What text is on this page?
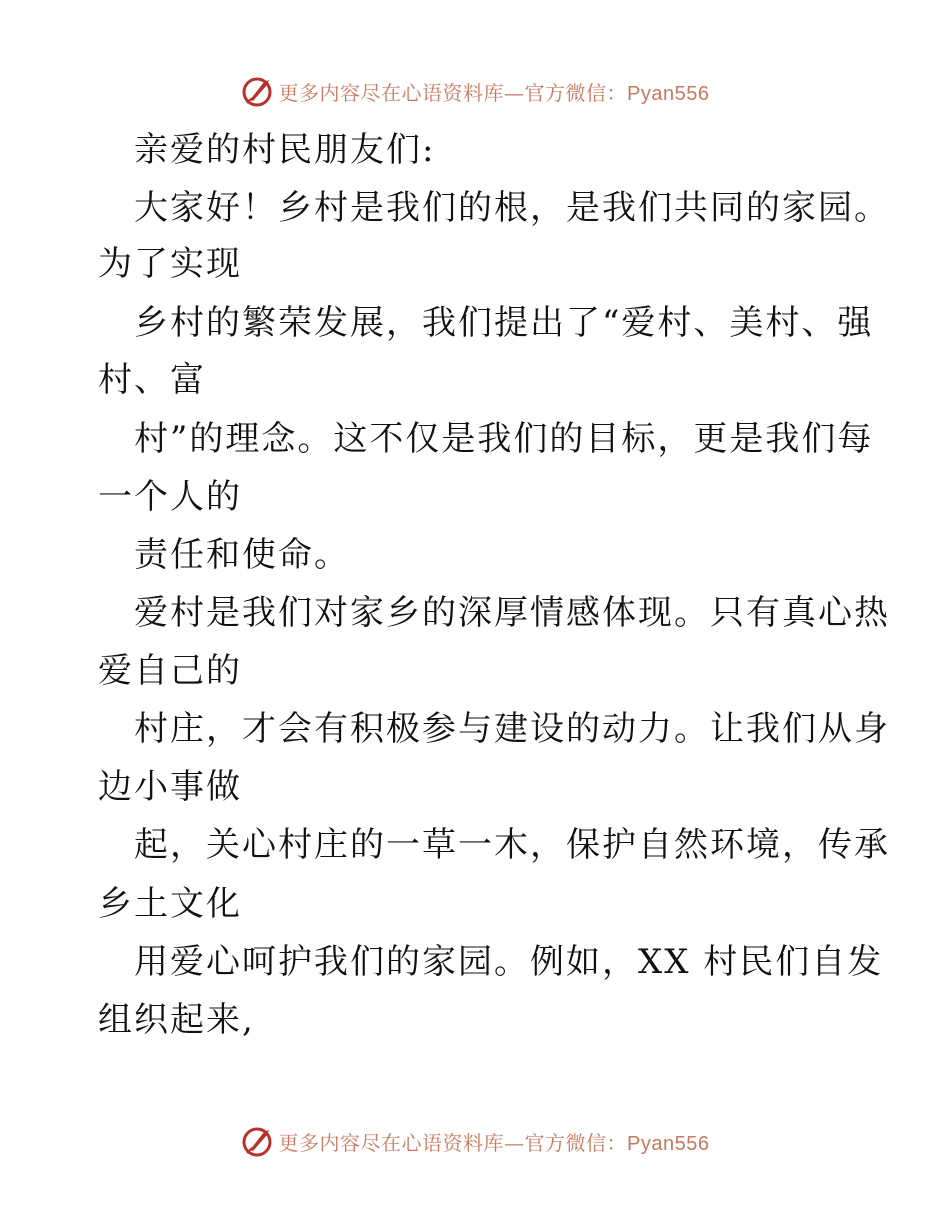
更多内容尽在心语资料库—官方微信：Pyan556
亲爱的村民朋友们:
大家好！乡村是我们的根，是我们共同的家园。
为了实现
乡村的繁荣发展，我们提出了“爱村、美村、强
村、富
村”的理念。这不仅是我们的目标，更是我们每
一个人的
责任和使命。
爱村是我们对家乡的深厚情感体现。只有真心热
爱自己的
村庄，才会有积极参与建设的动力。让我们从身
边小事做
起，关心村庄的一草一木，保护自然环境，传承
乡土文化
用爱心呵护我们的家园。例如，XX 村民们自发
组织起来,
更多内容尽在心语资料库—官方微信：Pyan556
